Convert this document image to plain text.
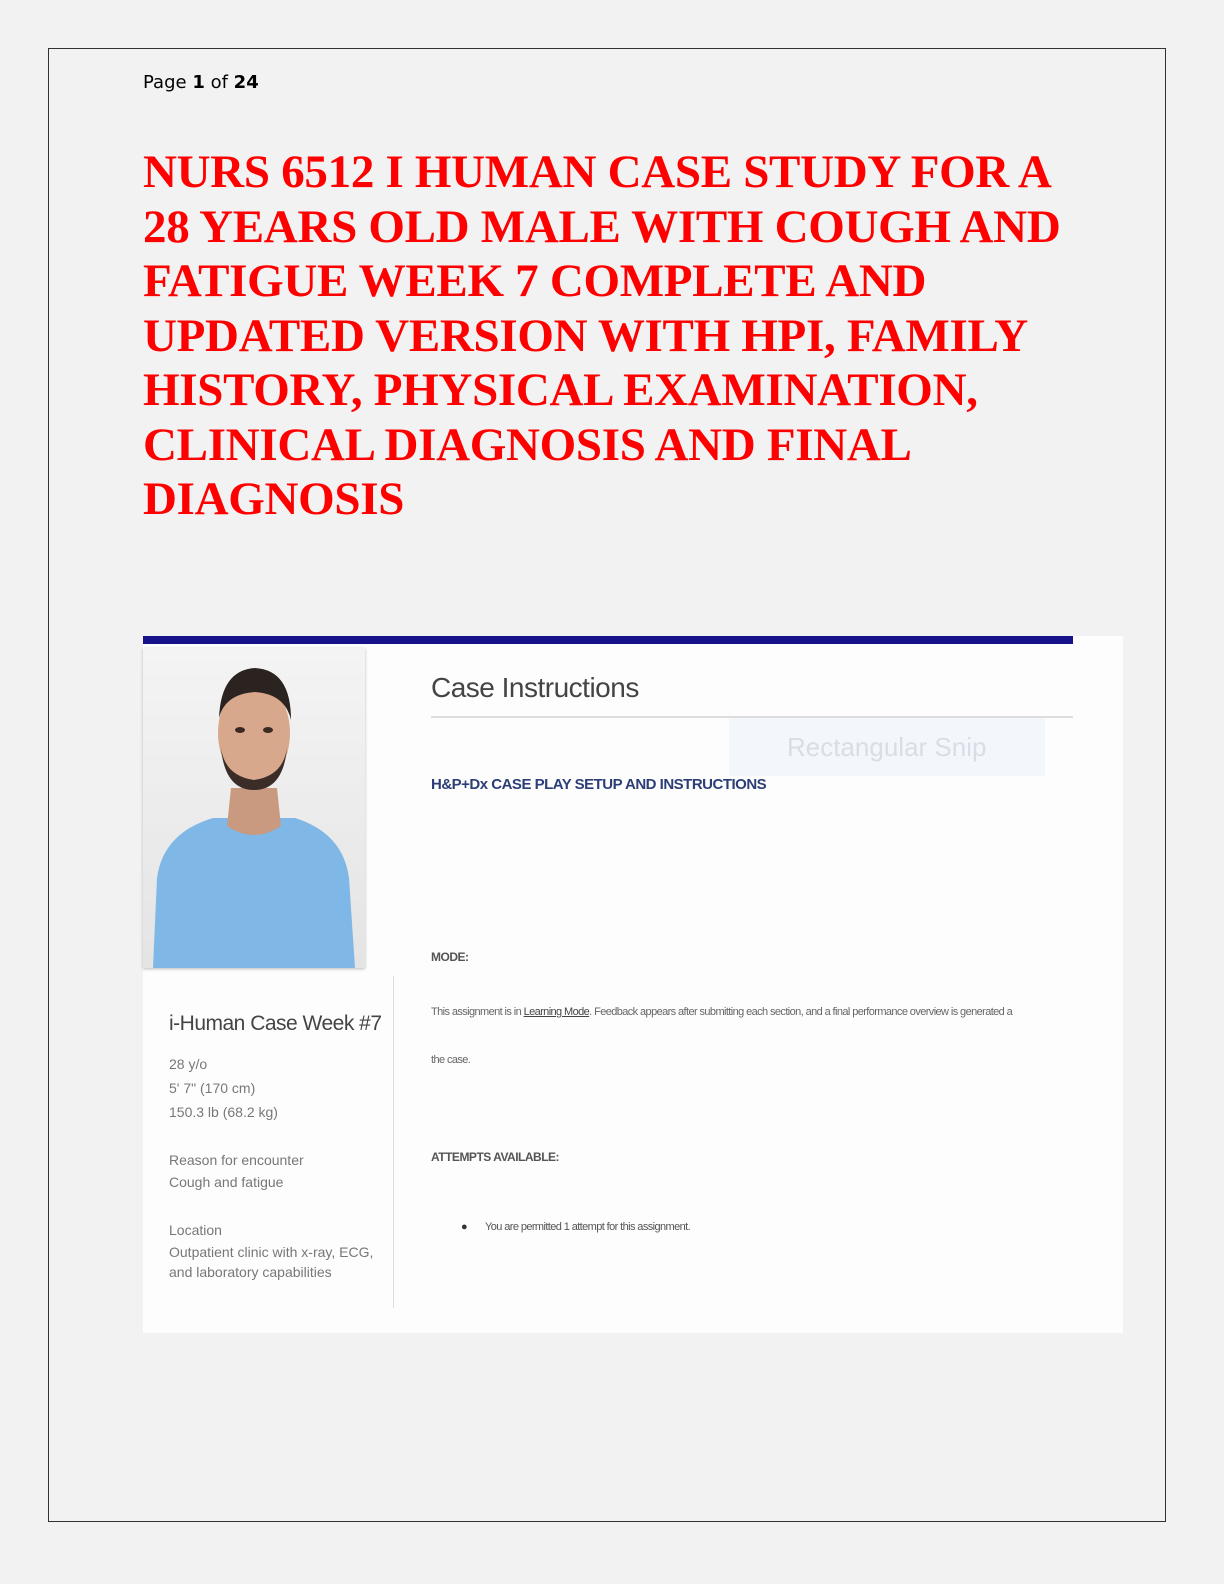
Page 1 of 24
NURS 6512 I HUMAN CASE STUDY FOR A 28 YEARS OLD MALE WITH COUGH AND FATIGUE WEEK 7 COMPLETE AND UPDATED VERSION WITH HPI, FAMILY HISTORY, PHYSICAL EXAMINATION, CLINICAL DIAGNOSIS AND FINAL DIAGNOSIS
i-Human Case Week #7
28 y/o
5' 7" (170 cm)
150.3 lb (68.2 kg)
Reason for encounter
Cough and fatigue
Location
Outpatient clinic with x-ray, ECG, and laboratory capabilities
Case Instructions
Rectangular Snip
H&P+Dx CASE PLAY SETUP AND INSTRUCTIONS
MODE:
This assignment is in Learning Mode. Feedback appears after submitting each section, and a final performance overview is generated a
the case.
ATTEMPTS AVAILABLE:
● You are permitted 1 attempt for this assignment.
